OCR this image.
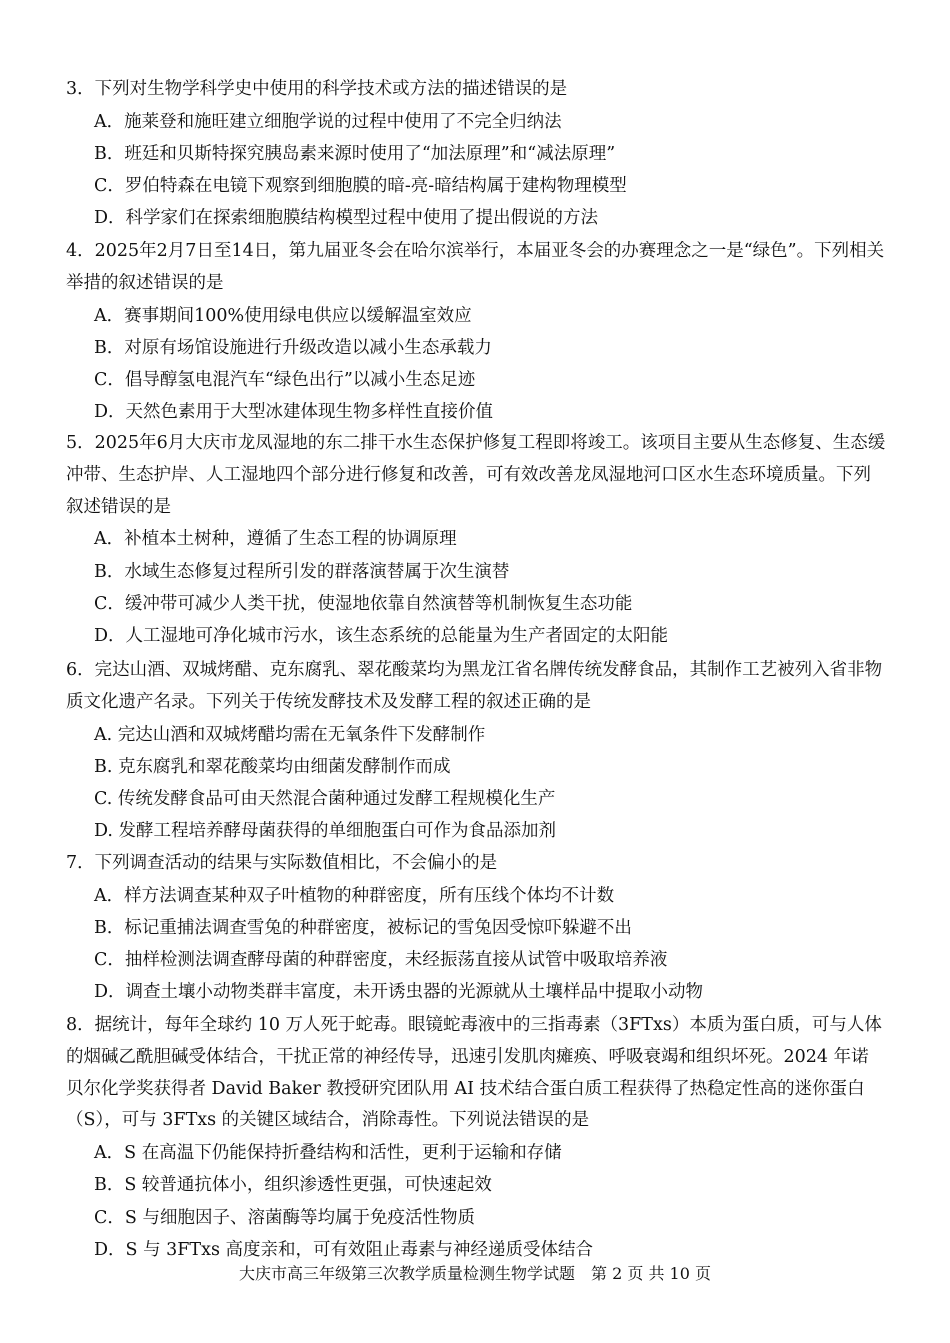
3．下列对生物学科学史中使用的科学技术或方法的描述错误的是

A．施莱登和施旺建立细胞学说的过程中使用了不完全归纳法

B．班廷和贝斯特探究胰岛素来源时使用了“加法原理”和“减法原理”

C．罗伯特森在电镜下观察到细胞膜的暗-亮-暗结构属于建构物理模型

D．科学家们在探索细胞膜结构模型过程中使用了提出假说的方法

4．2025年2月7日至14日，第九届亚冬会在哈尔滨举行，本届亚冬会的办赛理念之一是“绿色”。下列相关举措的叙述错误的是

A．赛事期间100%使用绿电供应以缓解温室效应

B．对原有场馆设施进行升级改造以减小生态承载力

C．倡导醇氢电混汽车“绿色出行”以减小生态足迹

D．天然色素用于大型冰建体现生物多样性直接价值

5．2025年6月大庆市龙凤湿地的东二排干水生态保护修复工程即将竣工。该项目主要从生态修复、生态缓冲带、生态护岸、人工湿地四个部分进行修复和改善，可有效改善龙凤湿地河口区水生态环境质量。下列叙述错误的是

A．补植本土树种，遵循了生态工程的协调原理

B．水域生态修复过程所引发的群落演替属于次生演替

C．缓冲带可减少人类干扰，使湿地依靠自然演替等机制恢复生态功能

D．人工湿地可净化城市污水，该生态系统的总能量为生产者固定的太阳能

6．完达山酒、双城烤醋、克东腐乳、翠花酸菜均为黑龙江省名牌传统发酵食品，其制作工艺被列入省非物质文化遗产名录。下列关于传统发酵技术及发酵工程的叙述正确的是

A. 完达山酒和双城烤醋均需在无氧条件下发酵制作

B. 克东腐乳和翠花酸菜均由细菌发酵制作而成

C. 传统发酵食品可由天然混合菌种通过发酵工程规模化生产

D. 发酵工程培养酵母菌获得的单细胞蛋白可作为食品添加剂

7．下列调查活动的结果与实际数值相比，不会偏小的是

A．样方法调查某种双子叶植物的种群密度，所有压线个体均不计数

B．标记重捕法调查雪兔的种群密度，被标记的雪兔因受惊吓躲避不出

C．抽样检测法调查酵母菌的种群密度，未经振荡直接从试管中吸取培养液

D．调查土壤小动物类群丰富度，未开诱虫器的光源就从土壤样品中提取小动物

8．据统计，每年全球约 10 万人死于蛇毒。眼镜蛇毒液中的三指毒素（3FTxs）本质为蛋白质，可与人体的烟碱乙酰胆碱受体结合，干扰正常的神经传导，迅速引发肌肉瘫痪、呼吸衰竭和组织坏死。2024 年诺贝尔化学奖获得者 David Baker 教授研究团队用 AI 技术结合蛋白质工程获得了热稳定性高的迷你蛋白（S），可与 3FTxs 的关键区域结合，消除毒性。下列说法错误的是

A．S 在高温下仍能保持折叠结构和活性，更利于运输和存储

B．S 较普通抗体小，组织渗透性更强，可快速起效

C．S 与细胞因子、溶菌酶等均属于免疫活性物质

D．S 与 3FTxs 高度亲和，可有效阻止毒素与神经递质受体结合

大庆市高三年级第三次教学质量检测生物学试题　第 2 页 共 10 页
